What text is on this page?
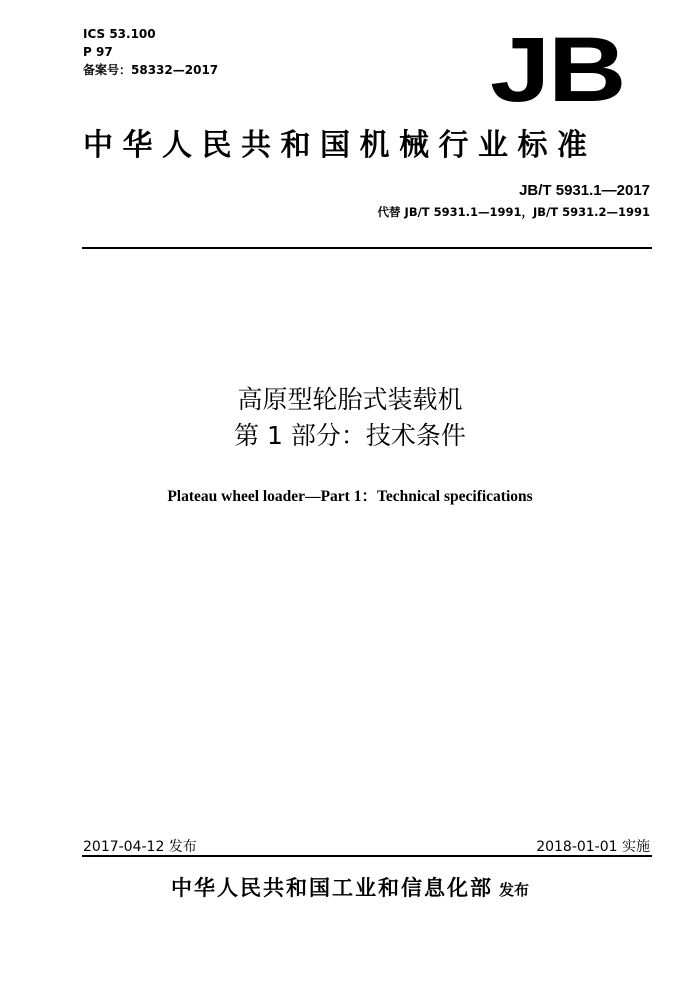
ICS 53.100
P 97
备案号：58332—2017	JB
中华人民共和国机械行业标准
JB/T 5931.1—2017
代替 JB/T 5931.1—1991，JB/T 5931.2—1991
高原型轮胎式装载机
第 1 部分：技术条件
Plateau wheel loader—Part 1：Technical specifications
2017-04-12 发布	2018-01-01 实施
中华人民共和国工业和信息化部 发布
